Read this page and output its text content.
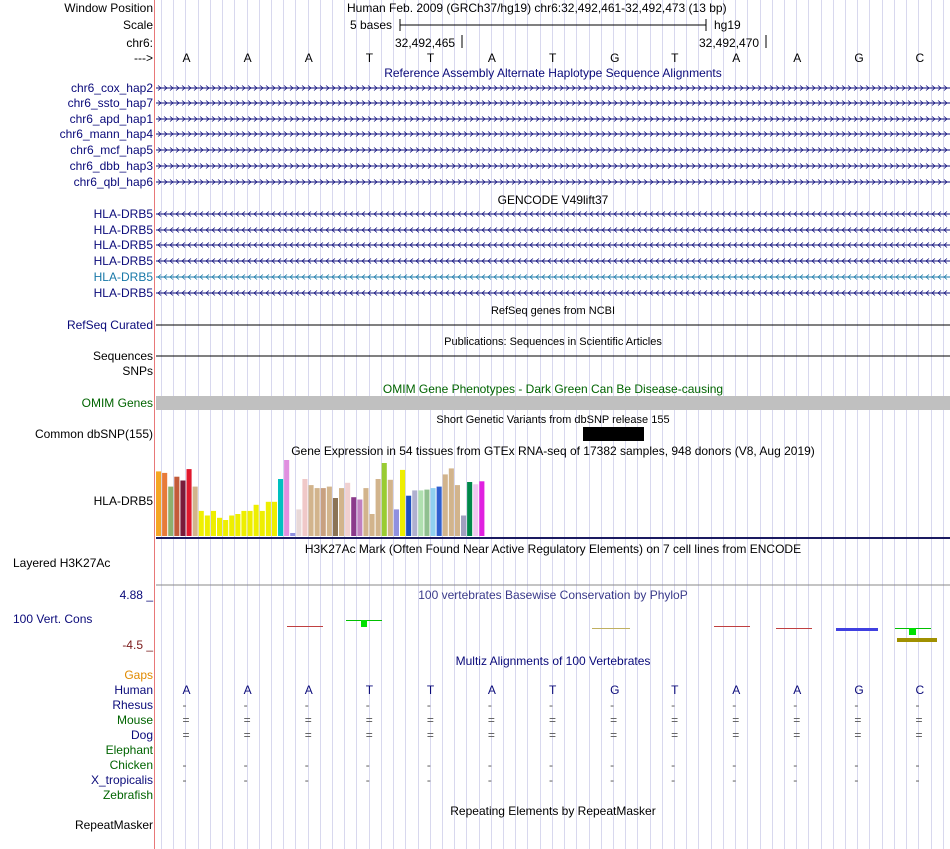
Window Position	Human Feb. 2009 (GRCh37/hg19) chr6:32,492,461-32,492,473 (13 bp)
Scale	5 bases	hg19
chr6:	32,492,465	32,492,470
--->
Reference Assembly Alternate Haplotype Sequence Alignments
GENCODE V49lift37
RefSeq genes from NCBI
RefSeq Curated
Publications: Sequences in Scientific Articles
Sequences
SNPs
OMIM Gene Phenotypes - Dark Green Can Be Disease-causing
OMIM Genes
Short Genetic Variants from dbSNP release 155
Common dbSNP(155)
Gene Expression in 54 tissues from GTEx RNA-seq of 17382 samples, 948 donors (V8, Aug 2019)
HLA-DRB5
H3K27Ac Mark (Often Found Near Active Regulatory Elements) on 7 cell lines from ENCODE
Layered H3K27Ac
100 vertebrates Basewise Conservation by PhyloP
4.88 _
100 Vert. Cons
-4.5 _
Multiz Alignments of 100 Vertebrates
Gaps
Repeating Elements by RepeatMasker
RepeatMasker
A	A	A	T	T	A	T	G	T	A	A	G	C
chr6_cox_hap2
chr6_ssto_hap7
chr6_apd_hap1
chr6_mann_hap4
chr6_mcf_hap5
chr6_dbb_hap3
chr6_qbl_hap6
HLA-DRB5
HLA-DRB5
HLA-DRB5
HLA-DRB5
HLA-DRB5
HLA-DRB5
Human A	A	A	T	T	A	T	G	T	A	A	G	C
Rhesus -	-	-	-	-	-	-	-	-	-	-	-	-
Mouse =	=	=	=	=	=	=	=	=	=	=	=	=
Dog =	=	=	=	=	=	=	=	=	=	=	=	=
Elephant
Chicken -	-	-	-	-	-	-	-	-	-	-	-	-
X_tropicalis -	-	-	-	-	-	-	-	-	-	-	-	-
Zebrafish
